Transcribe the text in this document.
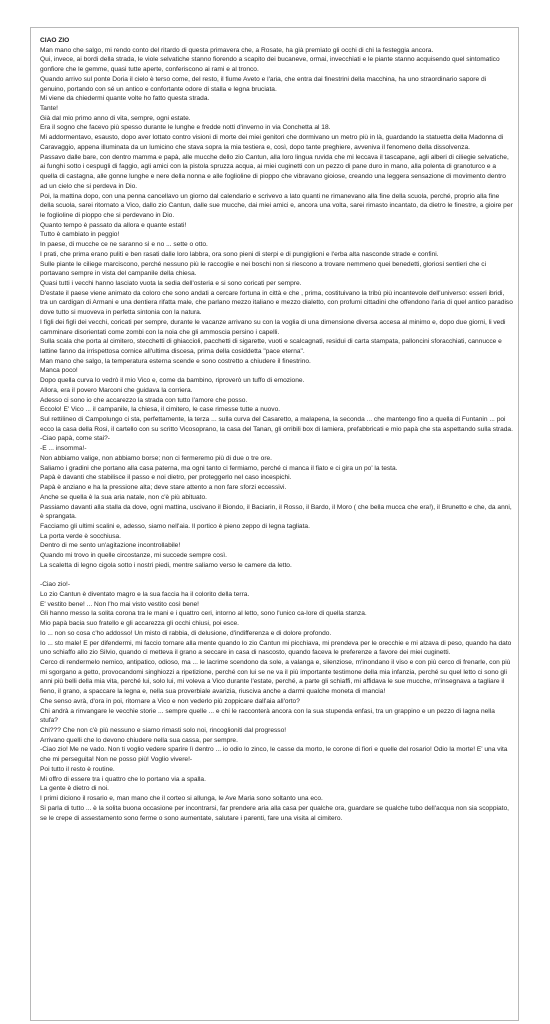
CIAO ZIO

Man mano che salgo, mi rendo conto del ritardo di questa primavera che, a Rosate, ha già premiato gli occhi di chi la festeggia ancora.

Qui, invece, ai bordi della strada, le viole selvatiche stanno fiorendo a scapito dei bucaneve, ormai, invecchiati e le piante stanno acquisendo quel sintomatico gonfiore che le gemme, quasi tutte aperte, conferiscono ai rami e al tronco.

Quando arrivo sul ponte Doria il cielo è terso come, del resto, il fiume Aveto e l'aria, che entra dai finestrini della macchina, ha uno straordinario sapore di genuino, portando con sé un antico e confortante odore di stalla e legna bruciata.

Mi viene da chiedermi quante volte ho fatto questa strada.

Tante!

Già dal mio primo anno di vita, sempre, ogni estate.

Era il sogno che facevo più spesso durante le lunghe e fredde notti d'inverno in via Conchetta al 18.

Mi addormentavo, esausto, dopo aver lottato contro visioni di morte dei miei genitori che dormivano un metro più in là, guardando la statuetta della Madonna di Caravaggio, appena illuminata da un lumicino che stava sopra la mia testiera e, così, dopo tante preghiere, avveniva il fenomeno della dissolvenza.

Passavo dalle bare, con dentro mamma e papà, alle mucche dello zio Cantun, alla loro lingua ruvida che mi leccava il tascapane, agli alberi di ciliegie selvatiche, ai funghi sotto i cespugli di faggio, agli amici con la pistola spruzza acqua, ai miei cuginetti con un pezzo di pane duro in mano, alla polenta di granoturco e a quella di castagna, alle gonne lunghe e nere della nonna e alle foglioline di pioppo che vibravano gioiose, creando una leggera sensazione di movimento dentro ad un cielo che si perdeva in Dio.

Poi, la mattina dopo, con una penna cancellavo un giorno dal calendario e scrivevo a lato quanti ne rimanevano alla fine della scuola, perché, proprio alla fine della scuola, sarei ritornato a Vico, dallo zio Cantun, dalle sue mucche, dai miei amici e, ancora una volta, sarei rimasto incantato, da dietro le finestre, a gioire per le foglioline di pioppo che si perdevano in Dio.

Quanto tempo è passato da allora e quante estati!

Tutto è cambiato in peggio!

In paese, di mucche ce ne saranno sì e no ... sette o otto.

I prati, che prima erano puliti e ben rasati dalle loro labbra, ora sono pieni di sterpi e di pungiglioni e l'erba alta nasconde strade e confini.

Sulle piante le ciliege marciscono, perché nessuno più le raccoglie e nei boschi non si riescono a trovare nemmeno quei benedetti, gloriosi sentieri che ci portavano sempre in vista del campanile della chiesa.

Quasi tutti i vecchi hanno lasciato vuota la sedia dell'osteria e si sono coricati per sempre.

D'estate il paese viene animato da coloro che sono andati a cercare fortuna in città e che , prima, costituivano la tribù più incantevole dell'universo: esseri ibridi, tra un cardigan di Armani e una dentiera rifatta male, che parlano mezzo italiano e mezzo dialetto, con profumi cittadini che offendono l'aria di quel antico paradiso dove tutto si muoveva in perfetta sintonia con la natura.

I figli dei figli dei vecchi, coricati per sempre, durante le vacanze arrivano su con la voglia di una dimensione diversa accesa al minimo e, dopo due giorni, li vedi camminare disorientati come zombi con la noia che gli ammoscia persino i capelli.

Sulla scala che porta al cimitero, stecchetti di ghiaccioli, pacchetti di sigarette, vuoti e scalcagnati, residui di carta stampata, palloncini sforacchiati, cannucce e lattine fanno da irrispettosa cornice all'ultima discesa, prima della cosiddetta "pace eterna".

Man mano che salgo, la temperatura esterna scende e sono costretto a chiudere il finestrino.

Manca poco!

Dopo quella curva lo vedrò il mio Vico e, come da bambino, riproverò un tuffo di emozione.

Allora, era il povero Marconi che guidava la corriera.

Adesso ci sono io che accarezzo la strada con tutto l'amore che posso.

Eccolo! E' Vico ... il campanile, la chiesa, il cimitero, le case rimesse tutte a nuovo.

Sul rettilineo di Campolungo ci sta, perfettamente, la terza ... sulla curva del Casaretto, a malapena, la seconda ... che mantengo fino a quella di Funtanin ... poi ecco la casa della Rosi, il cartello con su scritto Vicosoprano, la casa del Tanan, gli orribili box di lamiera, prefabbricati e mio papà che sta aspettando sulla strada.

-Ciao papà, come stai?-

-E ... insomma!-

Non abbiamo valige, non abbiamo borse; non ci fermeremo più di due o tre ore.

Saliamo i gradini che portano alla casa paterna, ma ogni tanto ci fermiamo, perché ci manca il fiato e ci gira un po' la testa.

Papà è davanti che stabilisce il passo e noi dietro, per proteggerlo nel caso incespichi.

Papà è anziano e ha la pressione alta; deve stare attento a non fare sforzi eccessivi.

Anche se quella è la sua aria natale, non c'è più abituato.

Passiamo davanti alla stalla da dove, ogni mattina, uscivano il Biondo, il Baciarin, il Rosso, il Bardo, il Moro ( che bella mucca che era!), il Brunetto e che, da anni, è sprangata.

Facciamo gli ultimi scalini e, adesso, siamo nell'aia. Il portico è pieno zeppo di legna tagliata.

La porta verde è socchiusa.

Dentro di me sento un'agitazione incontrollabile!

Quando mi trovo in quelle circostanze, mi succede sempre così.

La scaletta di legno cigola sotto i nostri piedi, mentre saliamo verso le camere da letto.

-Ciao zio!-

Lo zio Cantun è diventato magro e la sua faccia ha il colorito della terra.

E' vestito bene! ... Non l'ho mai visto vestito così bene!

Gli hanno messo la solita corona tra le mani e i quattro ceri, intorno al letto, sono l'unico ca-lore di quella stanza.

Mio papà bacia suo fratello e gli accarezza gli occhi chiusi, poi esce.

Io ... non so cosa c'ho addosso! Un misto di rabbia, di delusione, d'indifferenza e di dolore profondo.

Io ... sto male! E per difendermi, mi faccio tornare alla mente quando lo zio Cantun mi picchiava, mi prendeva per le orecchie e mi alzava di peso, quando ha dato uno schiaffo allo zio Silvio, quando ci metteva il grano a seccare in casa di nascosto, quando faceva le preferenze a favore dei miei cuginetti.

Cerco di rendermelo nemico, antipatico, odioso, ma ... le lacrime scendono da sole, a valanga e, silenziose, m'inondano il viso e con più cerco di frenarle, con più mi sgorgano a getto, provocandomi singhiozzi a ripetizione, perché con lui se ne va il più importante testimone della mia infanzia, perché su quel letto ci sono gli anni più belli della mia vita, perché lui, solo lui, mi voleva a Vico durante l'estate, perché, a parte gli schiaffi, mi affidava le sue mucche, m'insegnava a tagliare il fieno, il grano, a spaccare la legna e, nella sua proverbiale avarizia, riusciva anche a darmi qualche moneta di mancia!

Che senso avrà, d'ora in poi, ritornare a Vico e non vederlo più zoppicare dall'aia all'orto?

Chi andrà a rinvangare le vecchie storie ... sempre quelle ... e chi le racconterà ancora con la sua stupenda enfasi, tra un grappino e un pezzo di lagna nella stufa?

Chi??? Che non c'è più nessuno e siamo rimasti solo noi, rincoglioniti dal progresso!

Arrivano quelli che lo devono chiudere nella sua cassa, per sempre.

-Ciao zio! Me ne vado. Non ti voglio vedere sparire lì dentro ... io odio lo zinco, le casse da morto, le corone di fiori e quelle del rosario! Odio la morte! E' una vita che mi perseguita! Non ne posso più! Voglio vivere!-

Poi tutto il resto è routine.

Mi offro di essere tra i quattro che lo portano via a spalla.

La gente è dietro di noi.

I primi diciono il rosario e, man mano che il corteo si allunga, le Ave Maria sono soltanto una eco.

Si parla di tutto ... è la solita buona occasione per incontrarsi, far prendere aria alla casa per qualche ora, guardare se qualche tubo dell'acqua non sia scoppiato, se le crepe di assestamento sono ferme o sono aumentate, salutare i parenti, fare una visita al cimitero.
